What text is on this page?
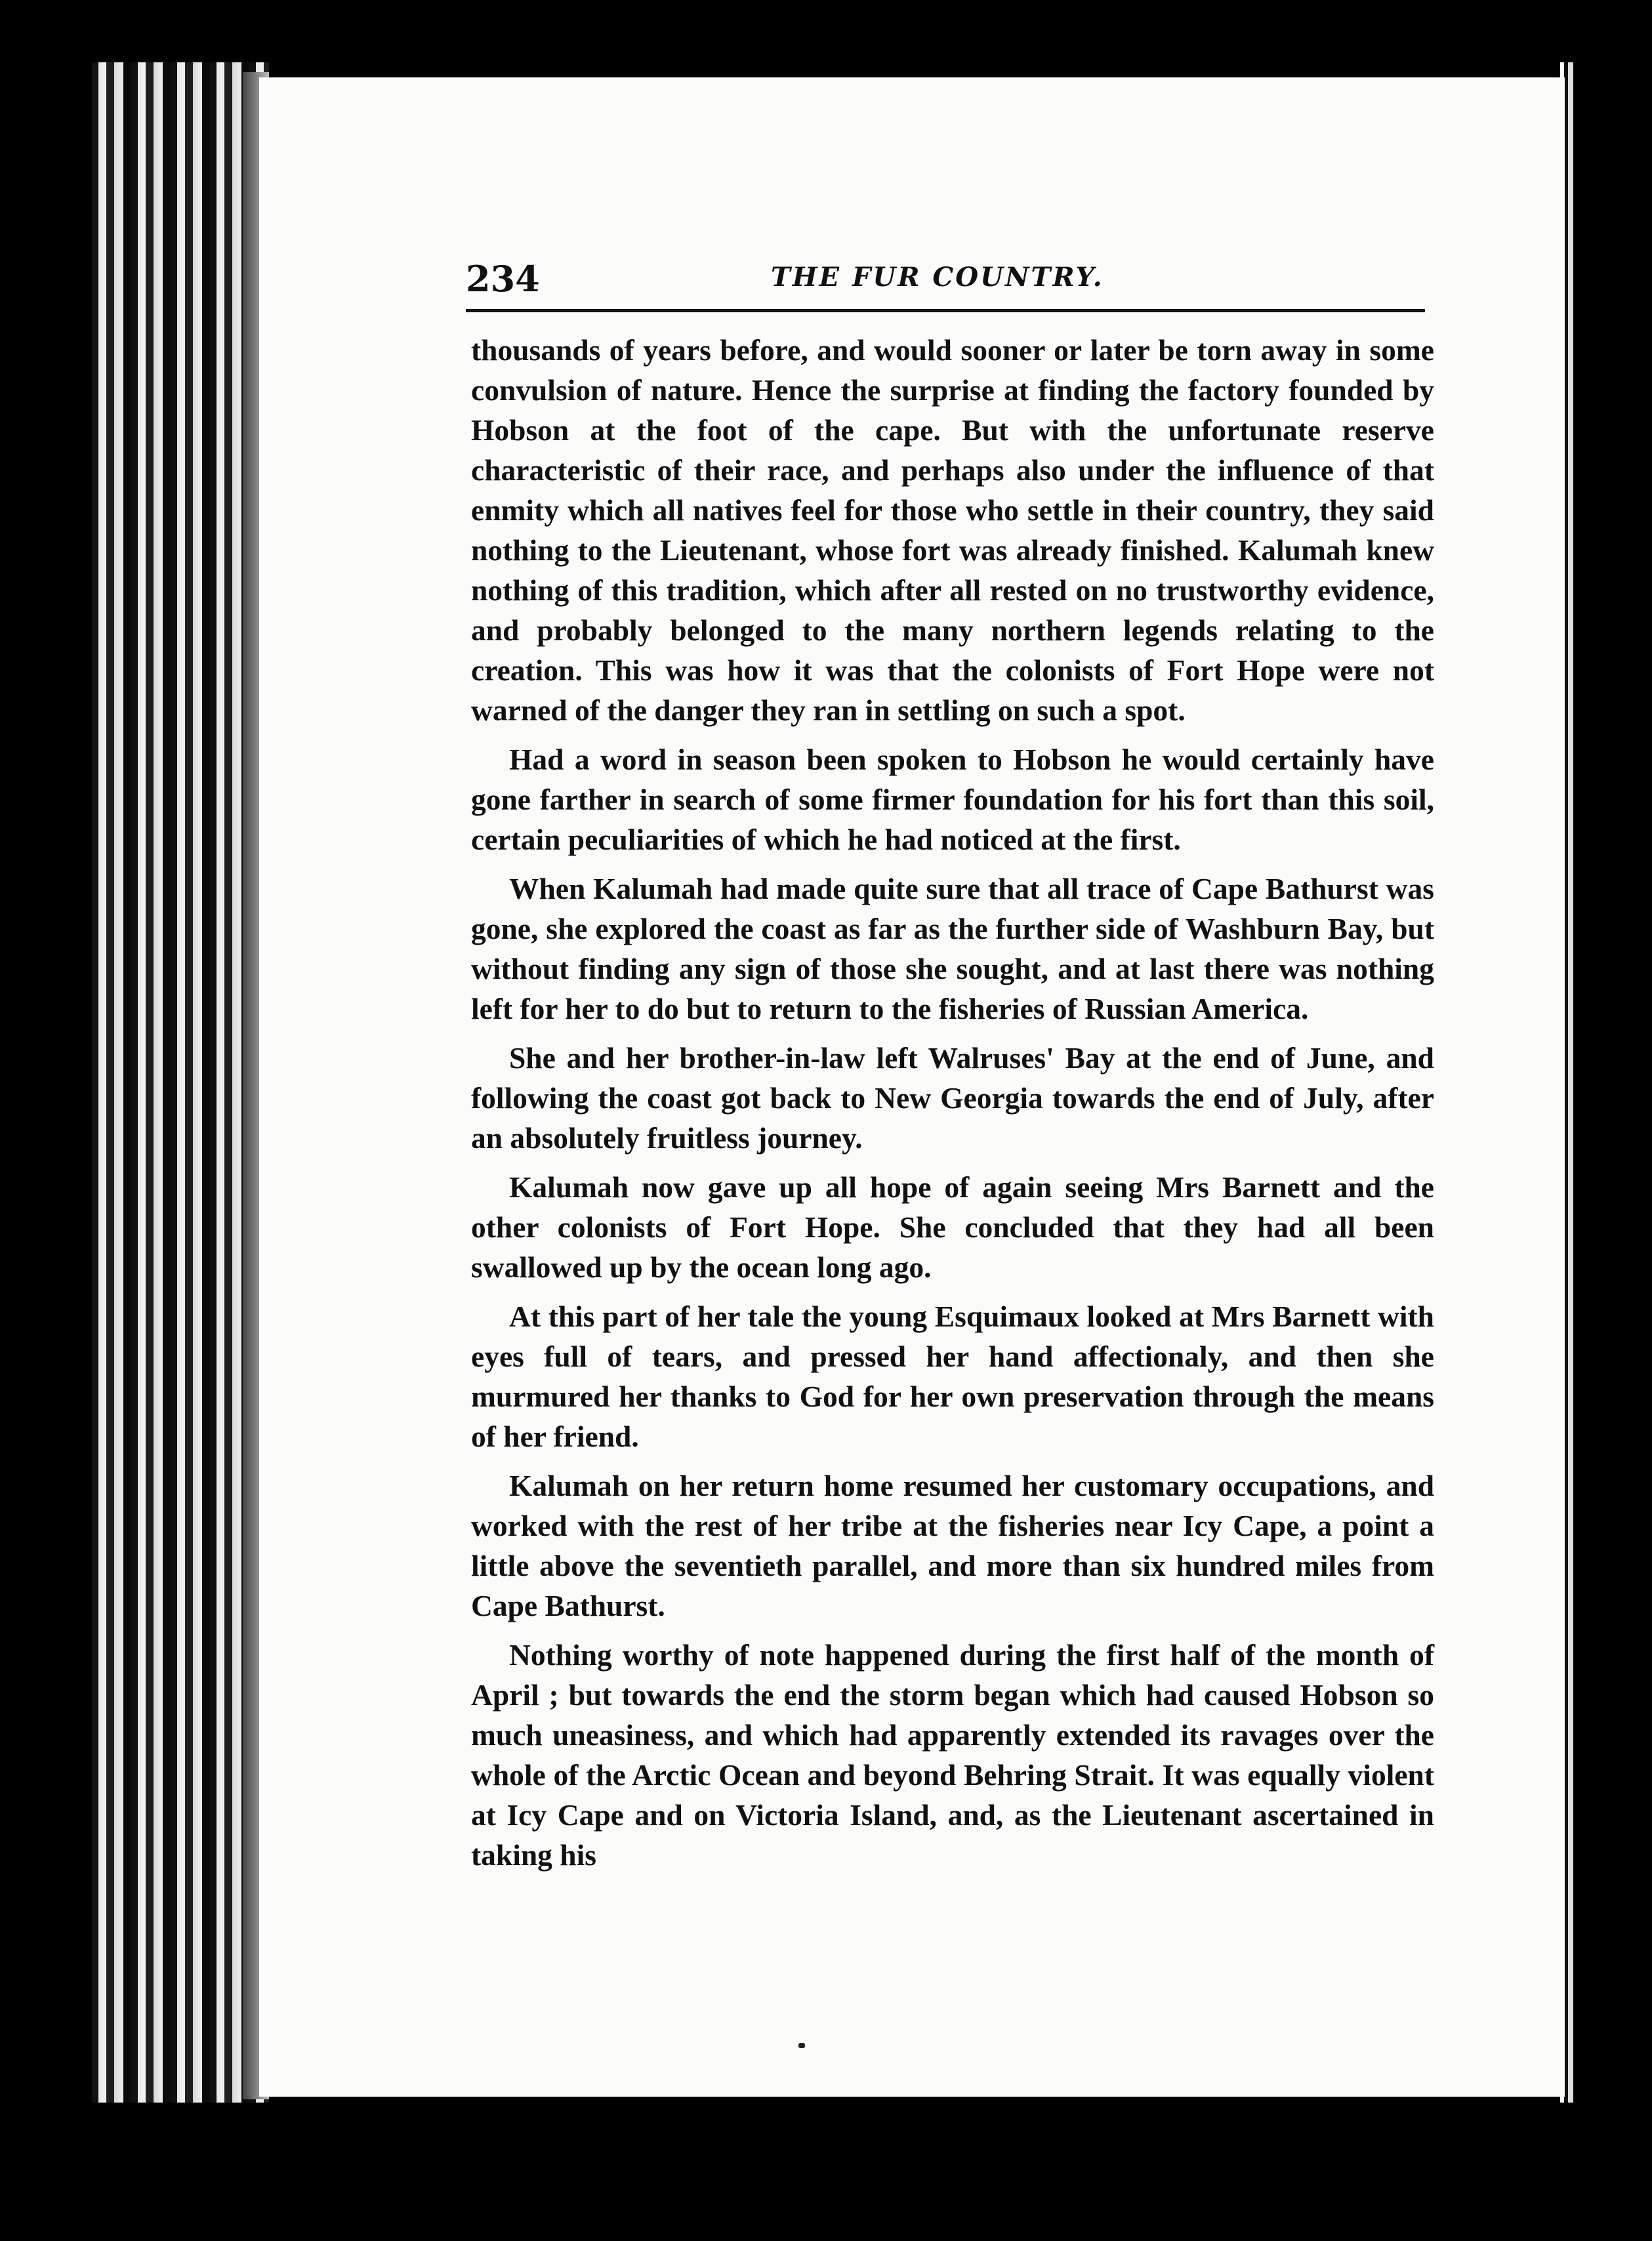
234	THE FUR COUNTRY.

thousands of years before, and would sooner or later be torn away in some convulsion of nature. Hence the surprise at finding the factory founded by Hobson at the foot of the cape. But with the unfortunate reserve characteristic of their race, and perhaps also under the influence of that enmity which all natives feel for those who settle in their country, they said nothing to the Lieutenant, whose fort was already finished. Kalumah knew nothing of this tradition, which after all rested on no trustworthy evidence, and probably belonged to the many northern legends relating to the creation. This was how it was that the colonists of Fort Hope were not warned of the danger they ran in settling on such a spot.

Had a word in season been spoken to Hobson he would certainly have gone farther in search of some firmer foundation for his fort than this soil, certain peculiarities of which he had noticed at the first.

When Kalumah had made quite sure that all trace of Cape Bathurst was gone, she explored the coast as far as the further side of Washburn Bay, but without finding any sign of those she sought, and at last there was nothing left for her to do but to return to the fisheries of Russian America.

She and her brother-in-law left Walruses' Bay at the end of June, and following the coast got back to New Georgia towards the end of July, after an absolutely fruitless journey.

Kalumah now gave up all hope of again seeing Mrs Barnett and the other colonists of Fort Hope. She concluded that they had all been swallowed up by the ocean long ago.

At this part of her tale the young Esquimaux looked at Mrs Barnett with eyes full of tears, and pressed her hand affectionaly, and then she murmured her thanks to God for her own preservation through the means of her friend.

Kalumah on her return home resumed her customary occupations, and worked with the rest of her tribe at the fisheries near Icy Cape, a point a little above the seventieth parallel, and more than six hundred miles from Cape Bathurst.

Nothing worthy of note happened during the first half of the month of April ; but towards the end the storm began which had caused Hobson so much uneasiness, and which had apparently extended its ravages over the whole of the Arctic Ocean and beyond Behring Strait. It was equally violent at Icy Cape and on Victoria Island, and, as the Lieutenant ascertained in taking his
